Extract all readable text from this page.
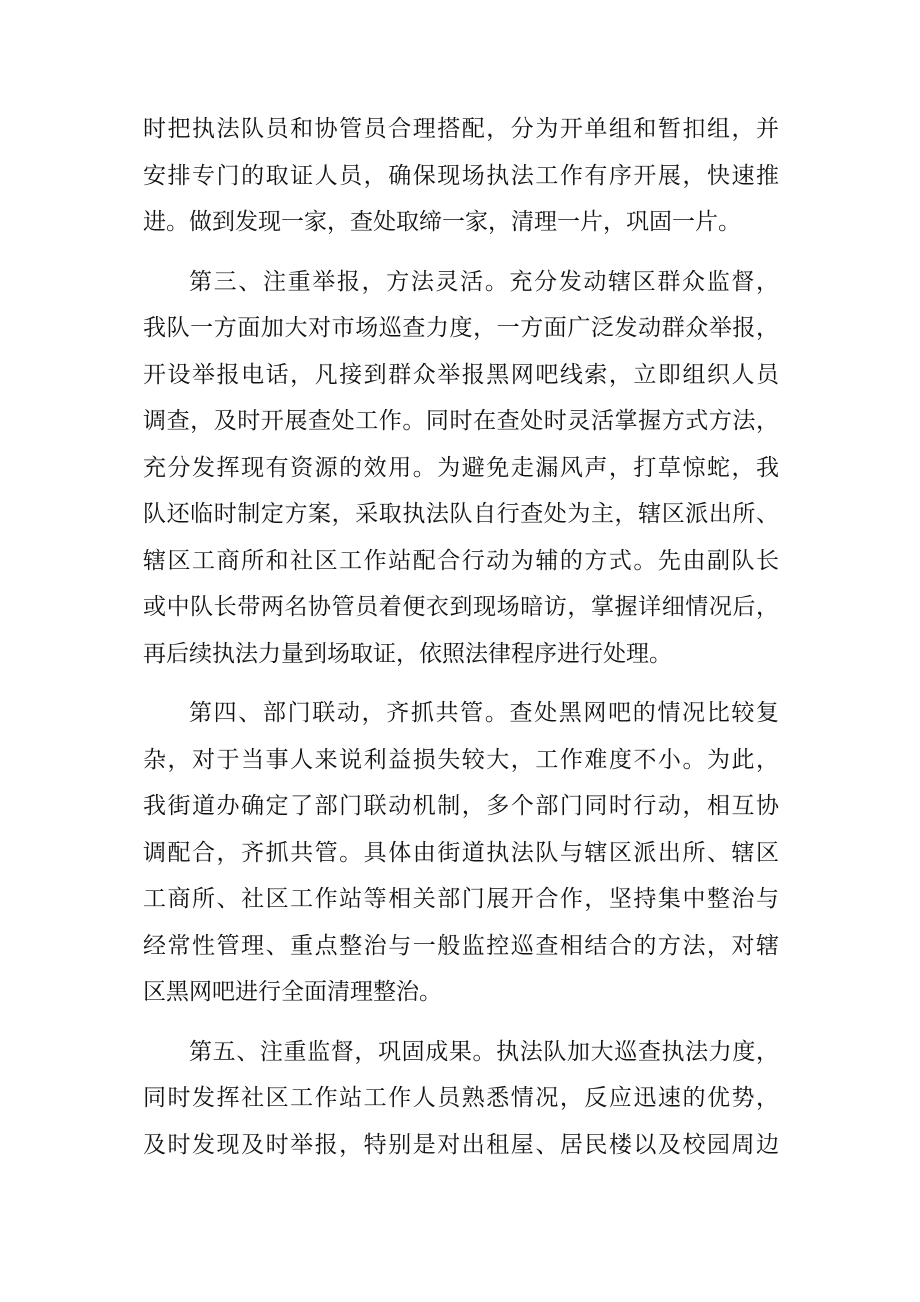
时把执法队员和协管员合理搭配，分为开单组和暂扣组，并
安排专门的取证人员，确保现场执法工作有序开展，快速推
进。做到发现一家，查处取缔一家，清理一片，巩固一片。
第三、注重举报，方法灵活。充分发动辖区群众监督，
我队一方面加大对市场巡查力度，一方面广泛发动群众举报，
开设举报电话，凡接到群众举报黑网吧线索，立即组织人员
调查，及时开展查处工作。同时在查处时灵活掌握方式方法，
充分发挥现有资源的效用。为避免走漏风声，打草惊蛇，我
队还临时制定方案，采取执法队自行查处为主，辖区派出所、
辖区工商所和社区工作站配合行动为辅的方式。先由副队长
或中队长带两名协管员着便衣到现场暗访，掌握详细情况后，
再后续执法力量到场取证，依照法律程序进行处理。
第四、部门联动，齐抓共管。查处黑网吧的情况比较复
杂，对于当事人来说利益损失较大，工作难度不小。为此，
我街道办确定了部门联动机制，多个部门同时行动，相互协
调配合，齐抓共管。具体由街道执法队与辖区派出所、辖区
工商所、社区工作站等相关部门展开合作，坚持集中整治与
经常性管理、重点整治与一般监控巡查相结合的方法，对辖
区黑网吧进行全面清理整治。
第五、注重监督，巩固成果。执法队加大巡查执法力度，
同时发挥社区工作站工作人员熟悉情况，反应迅速的优势，
及时发现及时举报，特别是对出租屋、居民楼以及校园周边
